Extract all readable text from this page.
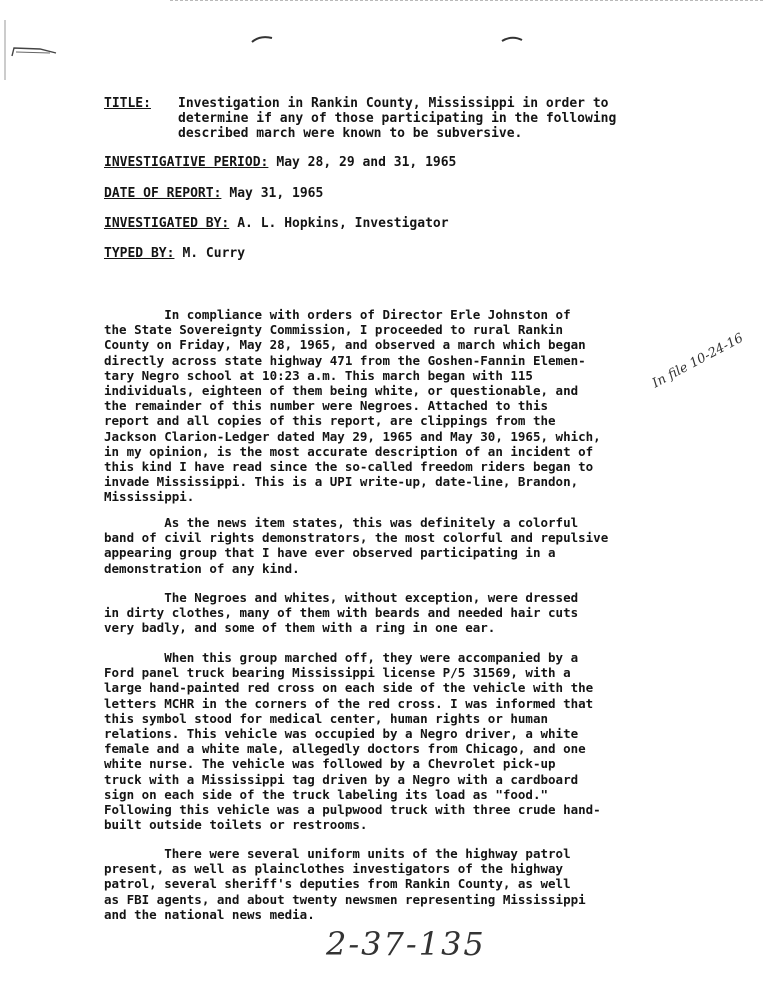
TITLE: Investigation in Rankin County, Mississippi in order to
determine if any of those participating in the following
described march were known to be subversive.
INVESTIGATIVE PERIOD: May 28, 29 and 31, 1965
DATE OF REPORT: May 31, 1965
INVESTIGATED BY: A. L. Hopkins, Investigator
TYPED BY: M. Curry
In compliance with orders of Director Erle Johnston of
the State Sovereignty Commission, I proceeded to rural Rankin
County on Friday, May 28, 1965, and observed a march which began
directly across state highway 471 from the Goshen-Fannin Elemen-
tary Negro school at 10:23 a.m. This march began with 115
individuals, eighteen of them being white, or questionable, and
the remainder of this number were Negroes. Attached to this
report and all copies of this report, are clippings from the
Jackson Clarion-Ledger dated May 29, 1965 and May 30, 1965, which,
in my opinion, is the most accurate description of an incident of
this kind I have read since the so-called freedom riders began to
invade Mississippi. This is a UPI write-up, date-line, Brandon,
Mississippi.
As the news item states, this was definitely a colorful
band of civil rights demonstrators, the most colorful and repulsive
appearing group that I have ever observed participating in a
demonstration of any kind.
The Negroes and whites, without exception, were dressed
in dirty clothes, many of them with beards and needed hair cuts
very badly, and some of them with a ring in one ear.
When this group marched off, they were accompanied by a
Ford panel truck bearing Mississippi license P/5 31569, with a
large hand-painted red cross on each side of the vehicle with the
letters MCHR in the corners of the red cross. I was informed that
this symbol stood for medical center, human rights or human
relations. This vehicle was occupied by a Negro driver, a white
female and a white male, allegedly doctors from Chicago, and one
white nurse. The vehicle was followed by a Chevrolet pick-up
truck with a Mississippi tag driven by a Negro with a cardboard
sign on each side of the truck labeling its load as "food."
Following this vehicle was a pulpwood truck with three crude hand-
built outside toilets or restrooms.
There were several uniform units of the highway patrol
present, as well as plainclothes investigators of the highway
patrol, several sheriff's deputies from Rankin County, as well
as FBI agents, and about twenty newsmen representing Mississippi
and the national news media.
In file 10-24-16
2-37-135
